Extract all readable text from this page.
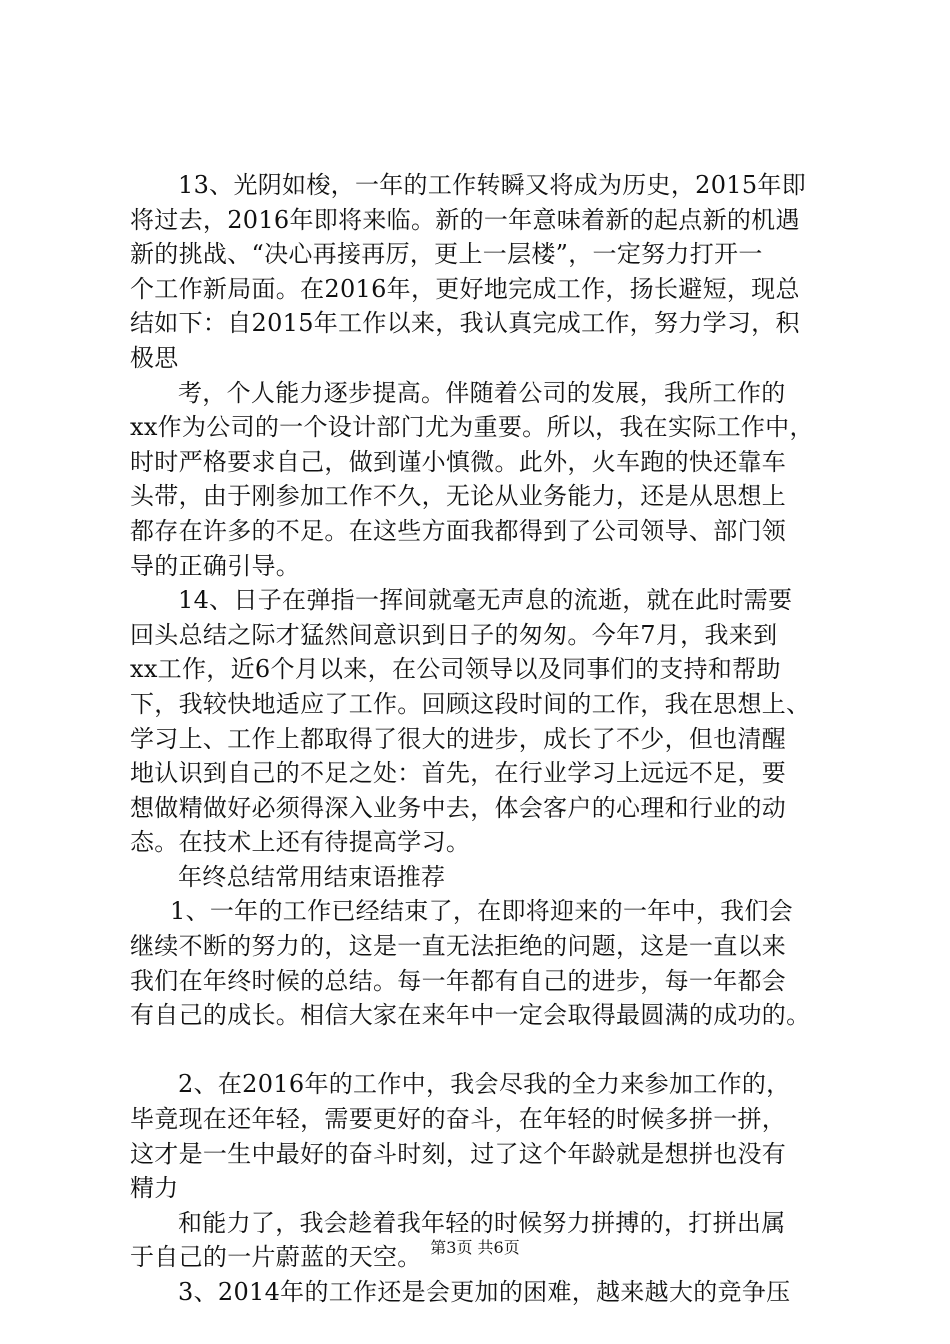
13、光阴如梭，一年的工作转瞬又将成为历史，2015年即
将过去，2016年即将来临。新的一年意味着新的起点新的机遇
新的挑战、“决心再接再厉，更上一层楼”，一定努力打开一
个工作新局面。在2016年，更好地完成工作，扬长避短，现总
结如下：自2015年工作以来，我认真完成工作，努力学习，积
极思
考，个人能力逐步提高。伴随着公司的发展，我所工作的
xx作为公司的一个设计部门尤为重要。所以，我在实际工作中，
时时严格要求自己，做到谨小慎微。此外，火车跑的快还靠车
头带，由于刚参加工作不久，无论从业务能力，还是从思想上
都存在许多的不足。在这些方面我都得到了公司领导、部门领
导的正确引导。
14、日子在弹指一挥间就毫无声息的流逝，就在此时需要
回头总结之际才猛然间意识到日子的匆匆。今年7月，我来到
xx工作，近6个月以来，在公司领导以及同事们的支持和帮助
下，我较快地适应了工作。回顾这段时间的工作，我在思想上、
学习上、工作上都取得了很大的进步，成长了不少，但也清醒
地认识到自己的不足之处：首先，在行业学习上远远不足，要
想做精做好必须得深入业务中去，体会客户的心理和行业的动
态。在技术上还有待提高学习。
年终总结常用结束语推荐
1、一年的工作已经结束了，在即将迎来的一年中，我们会
继续不断的努力的，这是一直无法拒绝的问题，这是一直以来
我们在年终时候的总结。每一年都有自己的进步，每一年都会
有自己的成长。相信大家在来年中一定会取得最圆满的成功的。
2、在2016年的工作中，我会尽我的全力来参加工作的，
毕竟现在还年轻，需要更好的奋斗，在年轻的时候多拼一拼，
这才是一生中最好的奋斗时刻，过了这个年龄就是想拼也没有
精力
和能力了，我会趁着我年轻的时候努力拼搏的，打拼出属
于自己的一片蔚蓝的天空。
3、2014年的工作还是会更加的困难，越来越大的竞争压
第3页 共6页
